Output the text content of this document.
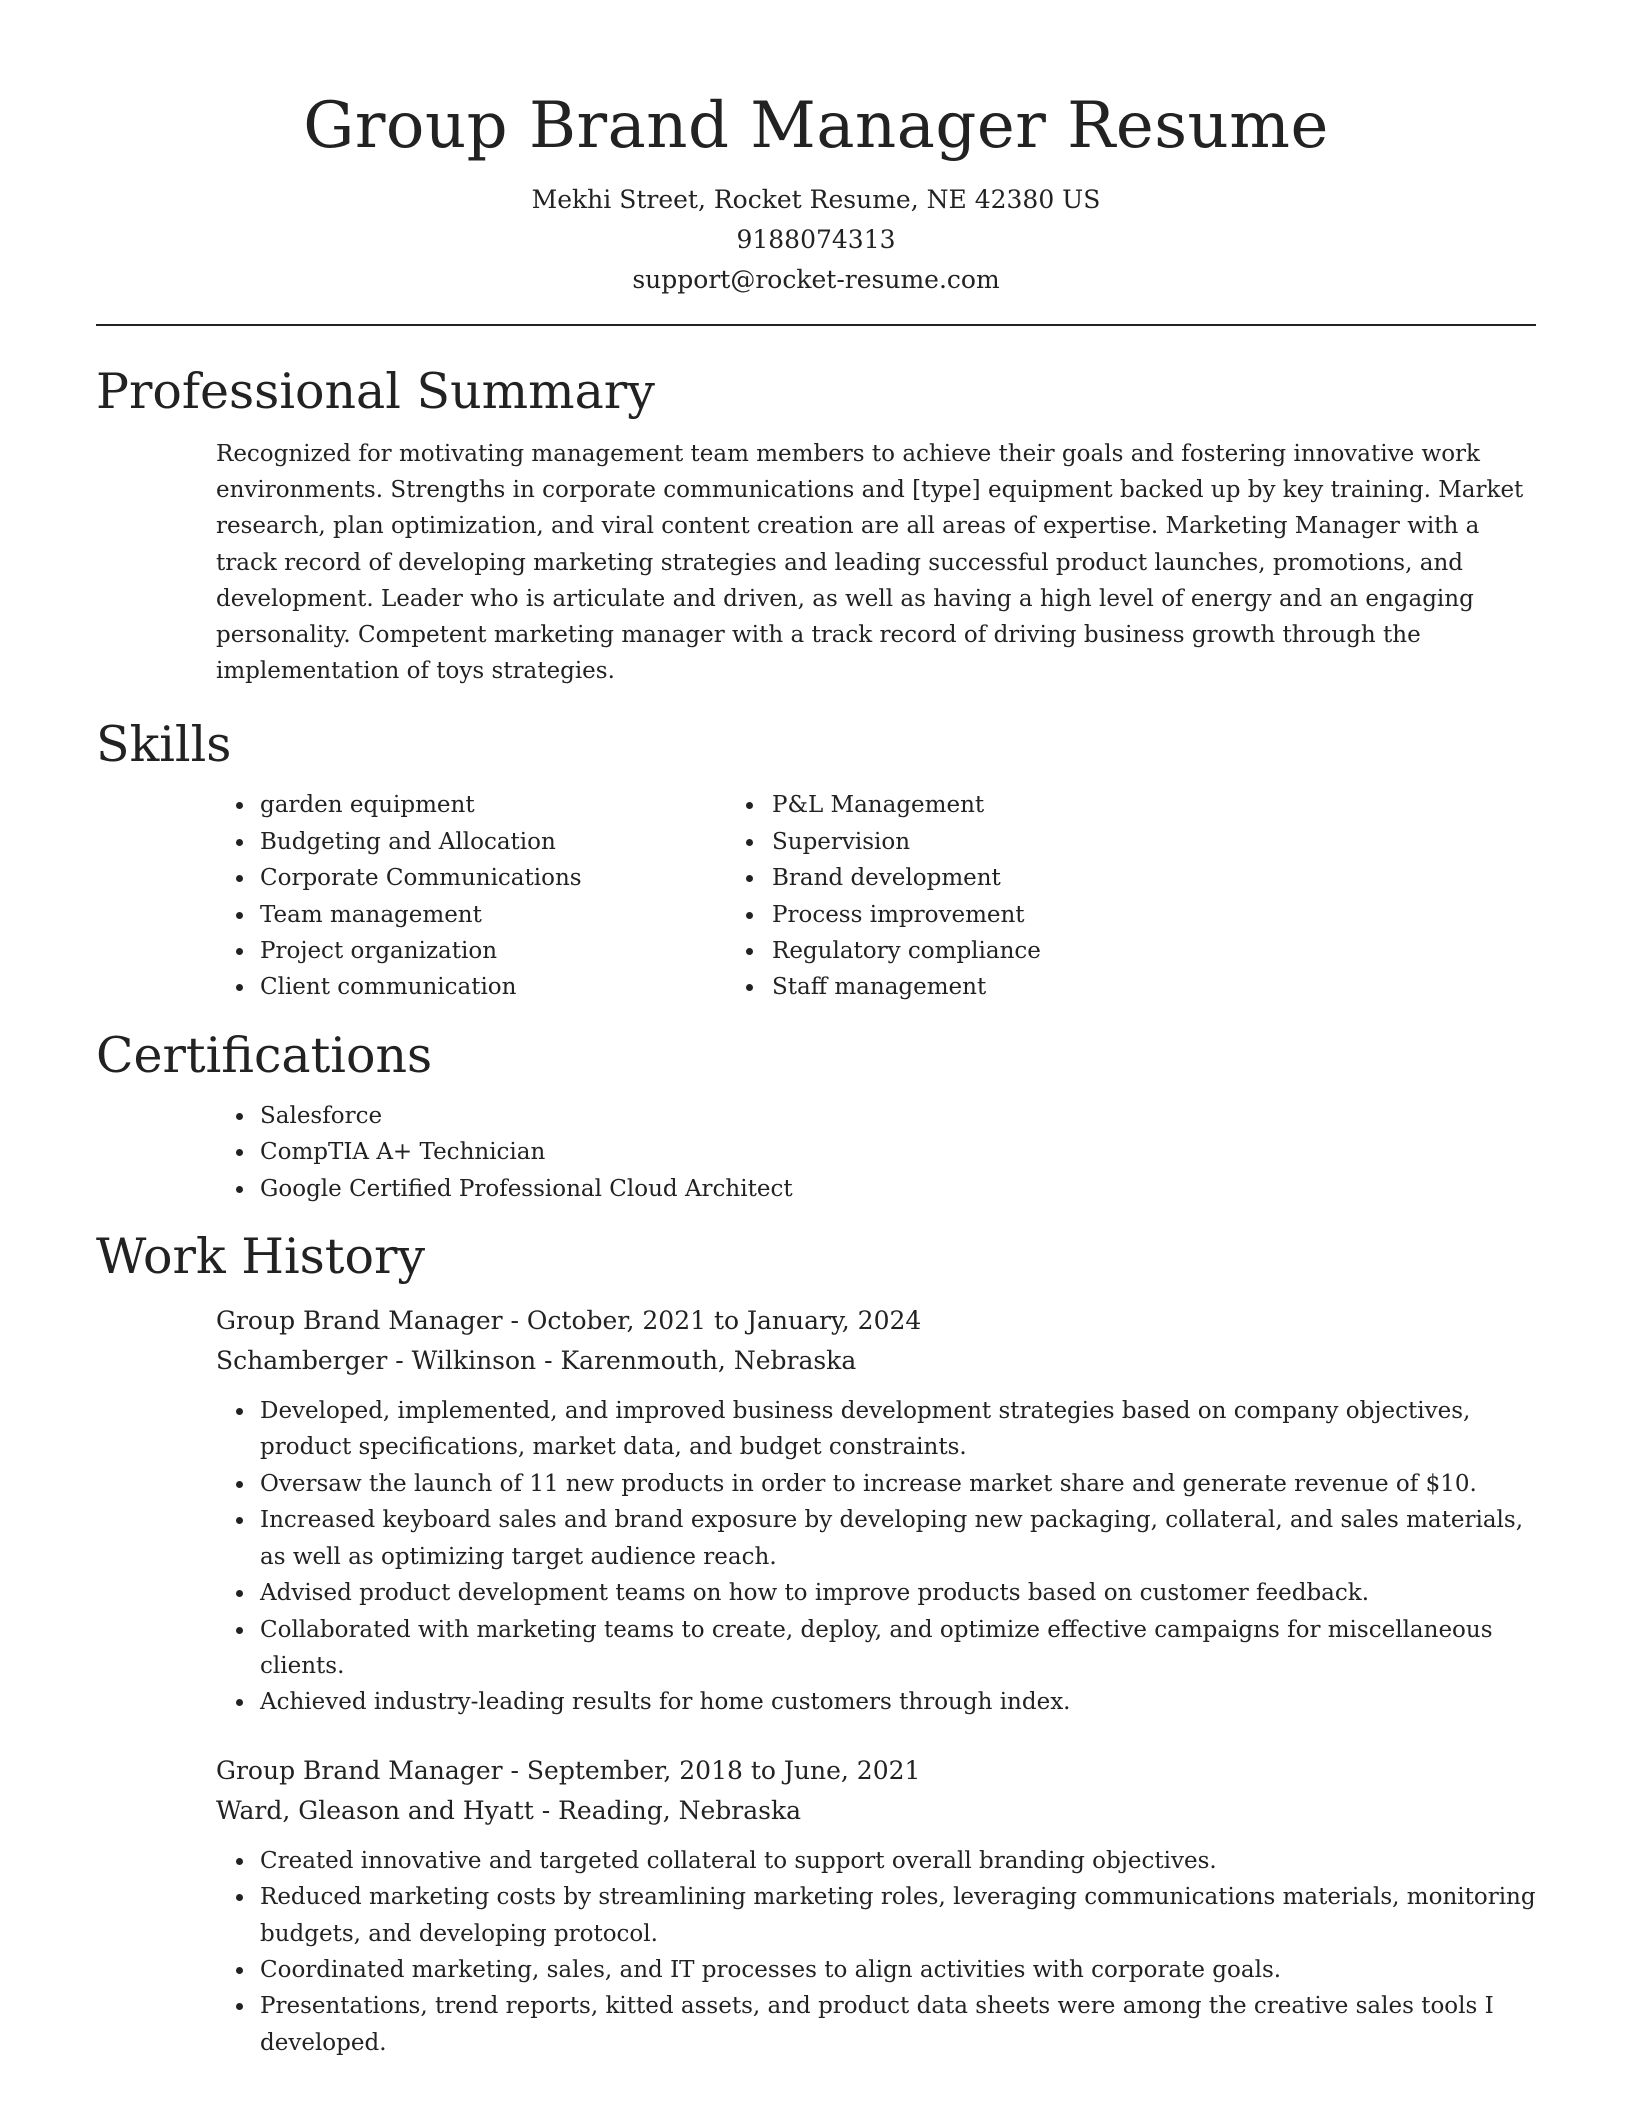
Group Brand Manager Resume
Mekhi Street, Rocket Resume, NE 42380 US
9188074313
support@rocket-resume.com
Professional Summary

Recognized for motivating management team members to achieve their goals and fostering innovative work environments. Strengths in corporate communications and [type] equipment backed up by key training. Market research, plan optimization, and viral content creation are all areas of expertise. Marketing Manager with a track record of developing marketing strategies and leading successful product launches, promotions, and development. Leader who is articulate and driven, as well as having a high level of energy and an engaging personality. Competent marketing manager with a track record of driving business growth through the implementation of toys strategies.

Skills
garden equipment
Budgeting and Allocation
Corporate Communications
Team management
Project organization
Client communication
P&L Management
Supervision
Brand development
Process improvement
Regulatory compliance
Staff management
Certifications
Salesforce
CompTIA A+ Technician
Google Certified Professional Cloud Architect
Work History
Group Brand Manager - October, 2021 to January, 2024
Schamberger - Wilkinson - Karenmouth, Nebraska
Developed, implemented, and improved business development strategies based on company objectives, product specifications, market data, and budget constraints.
Oversaw the launch of 11 new products in order to increase market share and generate revenue of $10.
Increased keyboard sales and brand exposure by developing new packaging, collateral, and sales materials, as well as optimizing target audience reach.
Advised product development teams on how to improve products based on customer feedback.
Collaborated with marketing teams to create, deploy, and optimize effective campaigns for miscellaneous clients.
Achieved industry-leading results for home customers through index.
Group Brand Manager - September, 2018 to June, 2021
Ward, Gleason and Hyatt - Reading, Nebraska
Created innovative and targeted collateral to support overall branding objectives.
Reduced marketing costs by streamlining marketing roles, leveraging communications materials, monitoring budgets, and developing protocol.
Coordinated marketing, sales, and IT processes to align activities with corporate goals.
Presentations, trend reports, kitted assets, and product data sheets were among the creative sales tools I developed.
